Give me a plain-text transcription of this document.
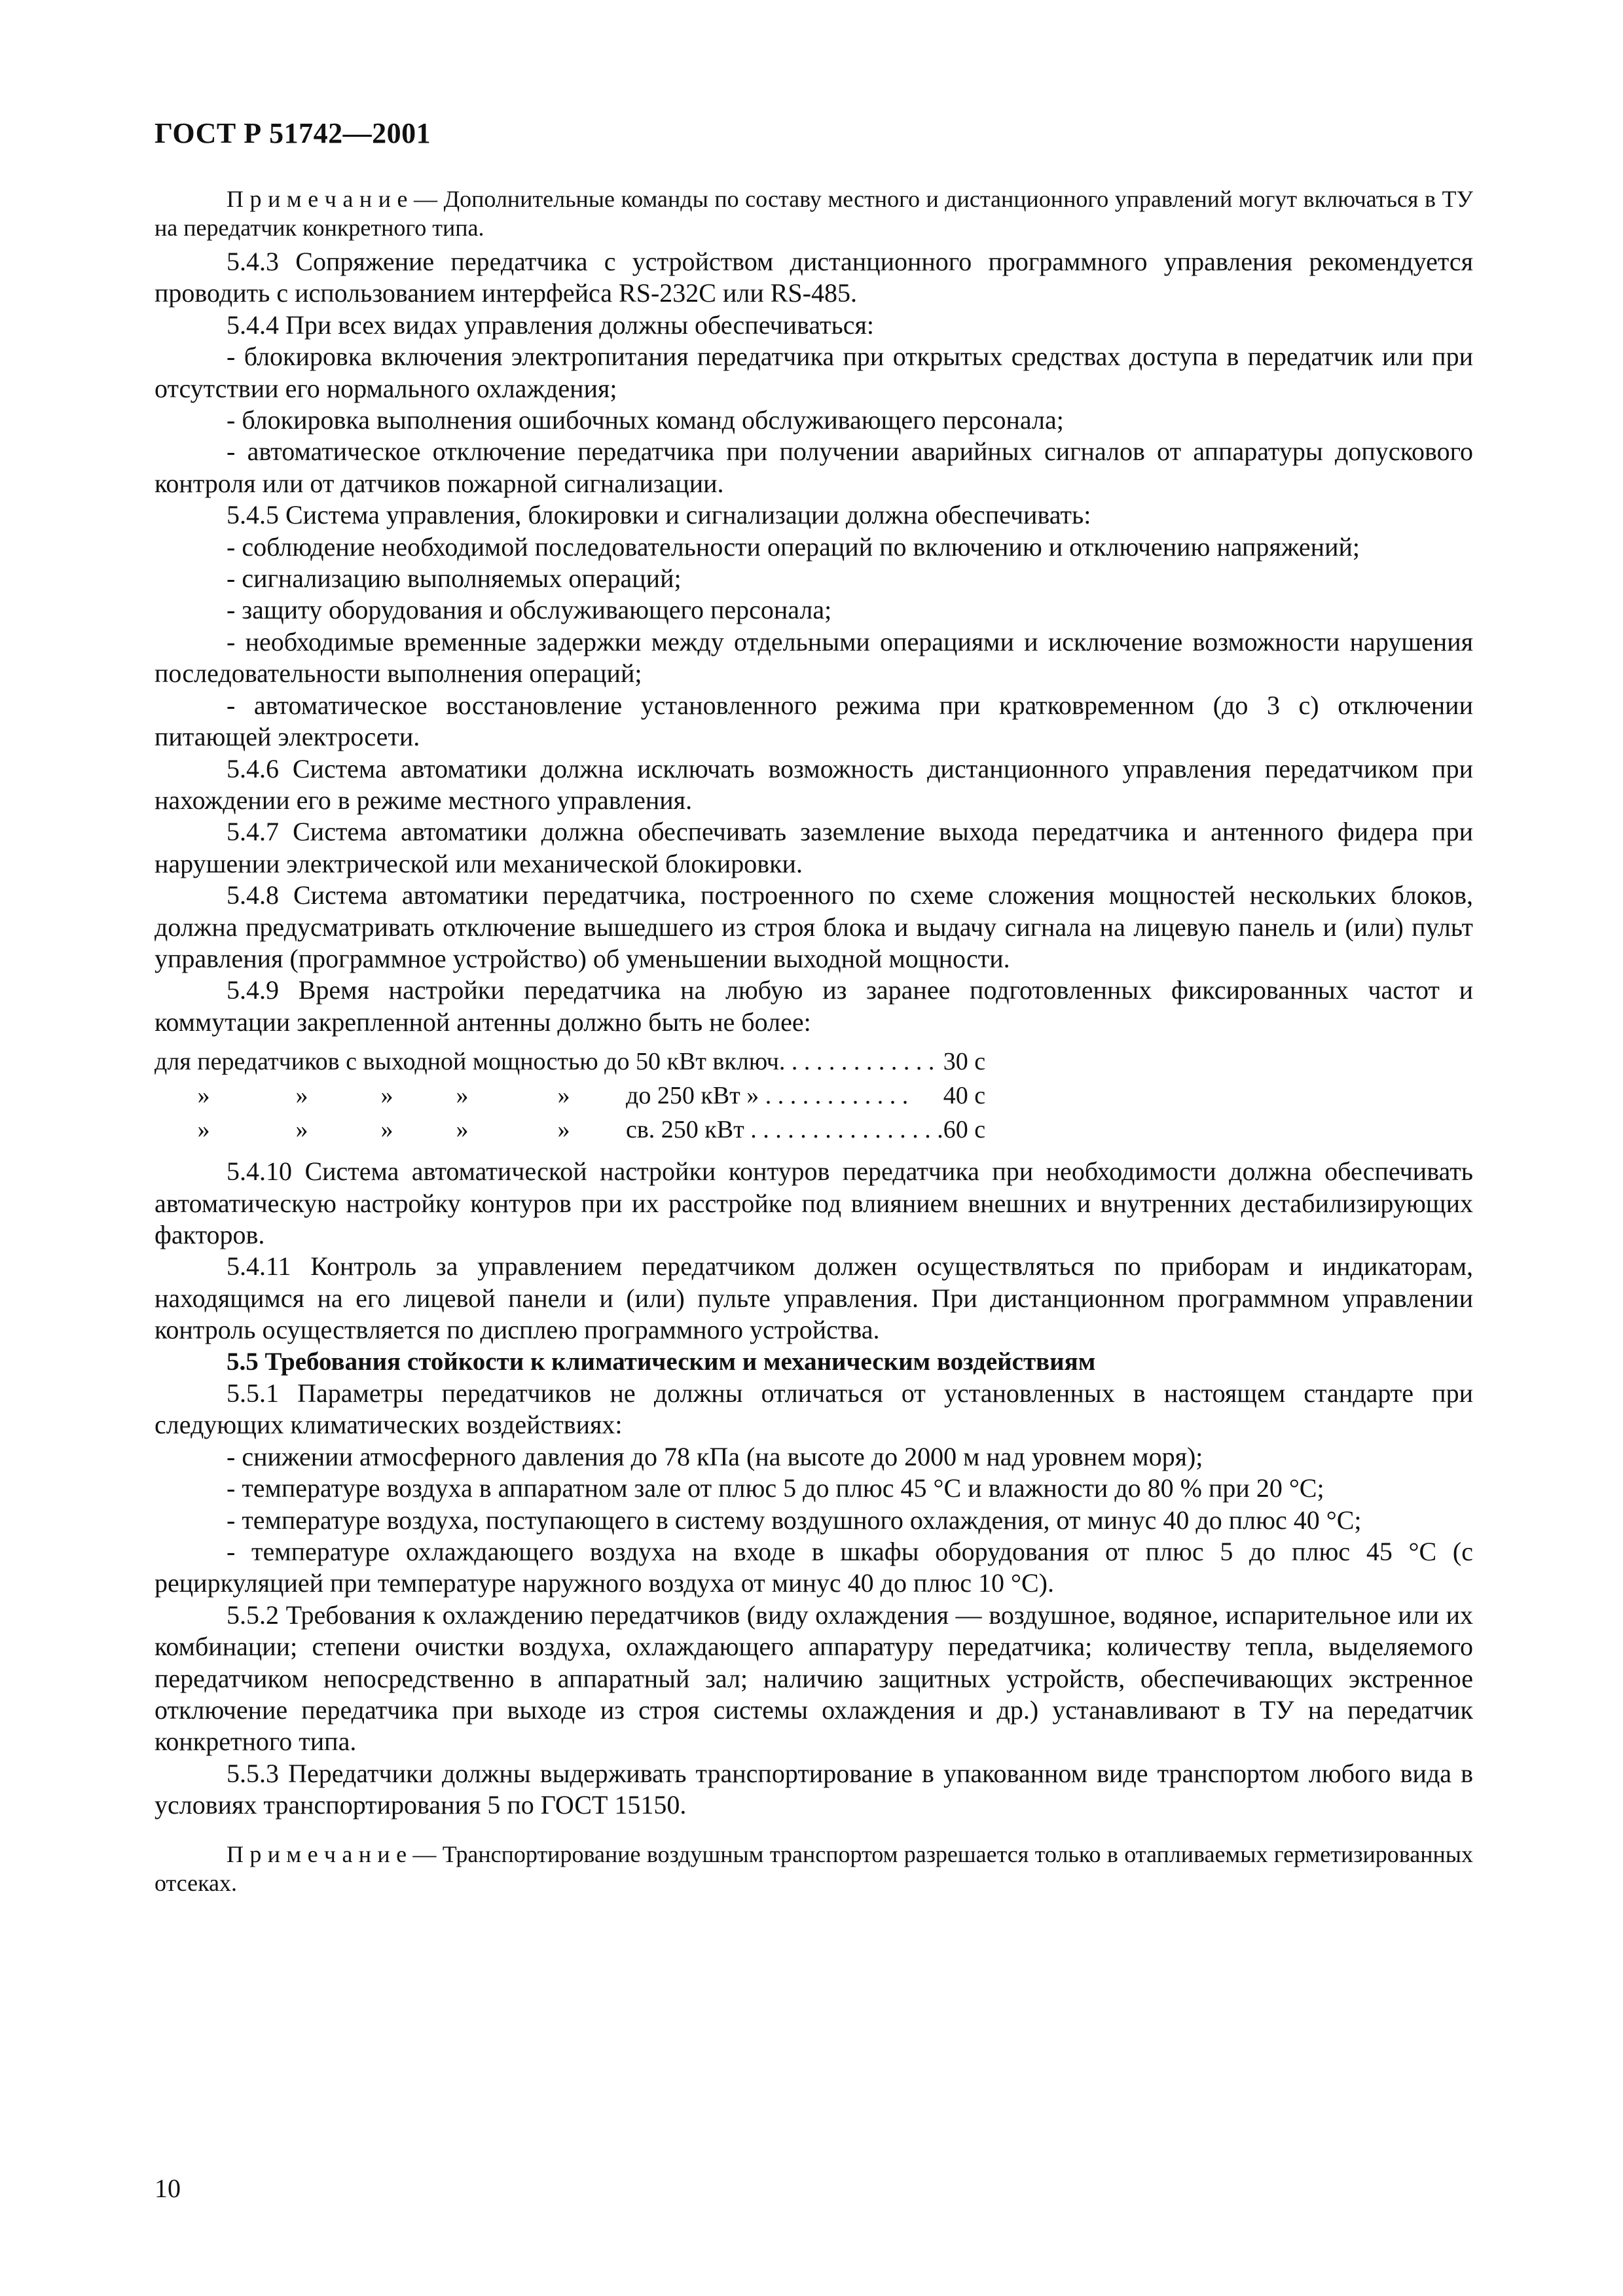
ГОСТ Р 51742—2001

П р и м е ч а н и е — Дополнительные команды по составу местного и дистанционного управлений могут включаться в ТУ на передатчик конкретного типа.

5.4.3 Сопряжение передатчика с устройством дистанционного программного управления рекомендуется проводить с использованием интерфейса RS-232C или RS-485.

5.4.4 При всех видах управления должны обеспечиваться:

- блокировка включения электропитания передатчика при открытых средствах доступа в передатчик или при отсутствии его нормального охлаждения;

- блокировка выполнения ошибочных команд обслуживающего персонала;

- автоматическое отключение передатчика при получении аварийных сигналов от аппаратуры допускового контроля или от датчиков пожарной сигнализации.

5.4.5 Система управления, блокировки и сигнализации должна обеспечивать:

- соблюдение необходимой последовательности операций по включению и отключению напряжений;

- сигнализацию выполняемых операций;

- защиту оборудования и обслуживающего персонала;

- необходимые временные задержки между отдельными операциями и исключение возможности нарушения последовательности выполнения операций;

- автоматическое восстановление установленного режима при кратковременном (до 3 с) отключении питающей электросети.

5.4.6 Система автоматики должна исключать возможность дистанционного управления передатчиком при нахождении его в режиме местного управления.

5.4.7 Система автоматики должна обеспечивать заземление выхода передатчика и антенного фидера при нарушении электрической или механической блокировки.

5.4.8 Система автоматики передатчика, построенного по схеме сложения мощностей нескольких блоков, должна предусматривать отключение вышедшего из строя блока и выдачу сигнала на лицевую панель и (или) пульт управления (программное устройство) об уменьшении выходной мощности.

5.4.9 Время настройки передатчика на любую из заранее подготовленных фиксированных частот и коммутации закрепленной антенны должно быть не более:

для передатчиков с выходной мощностью до 50 кВт включ. . . . . . . . . . . . .		30 с
» » » » »	до 250 кВт » . . . . . . . . . . . .	40 с
» » » » »	св. 250 кВт . . . . . . . . . . . . . . . .	60 с

5.4.10 Система автоматической настройки контуров передатчика при необходимости должна обеспечивать автоматическую настройку контуров при их расстройке под влиянием внешних и внутренних дестабилизирующих факторов.

5.4.11 Контроль за управлением передатчиком должен осуществляться по приборам и индикаторам, находящимся на его лицевой панели и (или) пульте управления. При дистанционном программном управлении контроль осуществляется по дисплею программного устройства.

5.5 Требования стойкости к климатическим и механическим воздействиям

5.5.1 Параметры передатчиков не должны отличаться от установленных в настоящем стандарте при следующих климатических воздействиях:

- снижении атмосферного давления до 78 кПа (на высоте до 2000 м над уровнем моря);

- температуре воздуха в аппаратном зале от плюс 5 до плюс 45 °С и влажности до 80 % при 20 °С;

- температуре воздуха, поступающего в систему воздушного охлаждения, от минус 40 до плюс 40 °С;

- температуре охлаждающего воздуха на входе в шкафы оборудования от плюс 5 до плюс 45 °С (с рециркуляцией при температуре наружного воздуха от минус 40 до плюс 10 °С).

5.5.2 Требования к охлаждению передатчиков (виду охлаждения — воздушное, водяное, испарительное или их комбинации; степени очистки воздуха, охлаждающего аппаратуру передатчика; количеству тепла, выделяемого передатчиком непосредственно в аппаратный зал; наличию защитных устройств, обеспечивающих экстренное отключение передатчика при выходе из строя системы охлаждения и др.) устанавливают в ТУ на передатчик конкретного типа.

5.5.3 Передатчики должны выдерживать транспортирование в упакованном виде транспортом любого вида в условиях транспортирования 5 по ГОСТ 15150.

П р и м е ч а н и е — Транспортирование воздушным транспортом разрешается только в отапливаемых герметизированных отсеках.

10
